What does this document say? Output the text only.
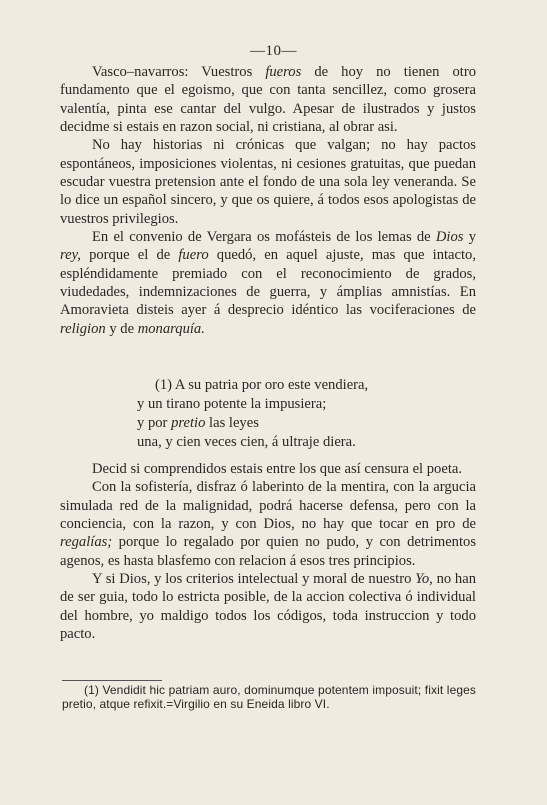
—10—

Vasco–navarros: Vuestros fueros de hoy no tienen otro fundamento que el egoismo, que con tanta sencillez, como grosera valentía, pinta ese cantar del vulgo. Apesar de ilustrados y justos decidme si estais en razon social, ni cristiana, al obrar asi.

No hay historias ni crónicas que valgan; no hay pactos espontáneos, imposiciones violentas, ni cesiones gratuitas, que puedan escudar vuestra pretension ante el fondo de una sola ley veneranda. Se lo dice un español sincero, y que os quiere, á todos esos apologistas de vuestros privilegios.

En el convenio de Vergara os mofásteis de los lemas de Dios y rey, porque el de fuero quedó, en aquel ajuste, mas que intacto, espléndidamente premiado con el reconocimiento de grados, viudedades, indemnizaciones de guerra, y ámplias amnistías. En Amoravieta disteis ayer á desprecio idéntico las vociferaciones de religion y de monarquía.

(1) A su patria por oro este vendiera,
y un tirano potente la impusiera;
y por pretio las leyes
una, y cien veces cien, á ultraje diera.

Decid si comprendidos estais entre los que así censura el poeta.

Con la sofistería, disfraz ó laberinto de la mentira, con la argucia simulada red de la malignidad, podrá hacerse defensa, pero con la conciencia, con la razon, y con Dios, no hay que tocar en pro de regalías; porque lo regalado por quien no pudo, y con detrimentos agenos, es hasta blasfemo con relacion á esos tres principios.

Y si Dios, y los criterios intelectual y moral de nuestro Yo, no han de ser guia, todo lo estricta posible, de la accion colectiva ó individual del hombre, yo maldigo todos los códigos, toda instruccion y todo pacto.

(1) Vendidit hic patriam auro, dominumque potentem imposuit; fixit leges pretio, atque refixit.=Virgilio en su Eneida libro VI.
